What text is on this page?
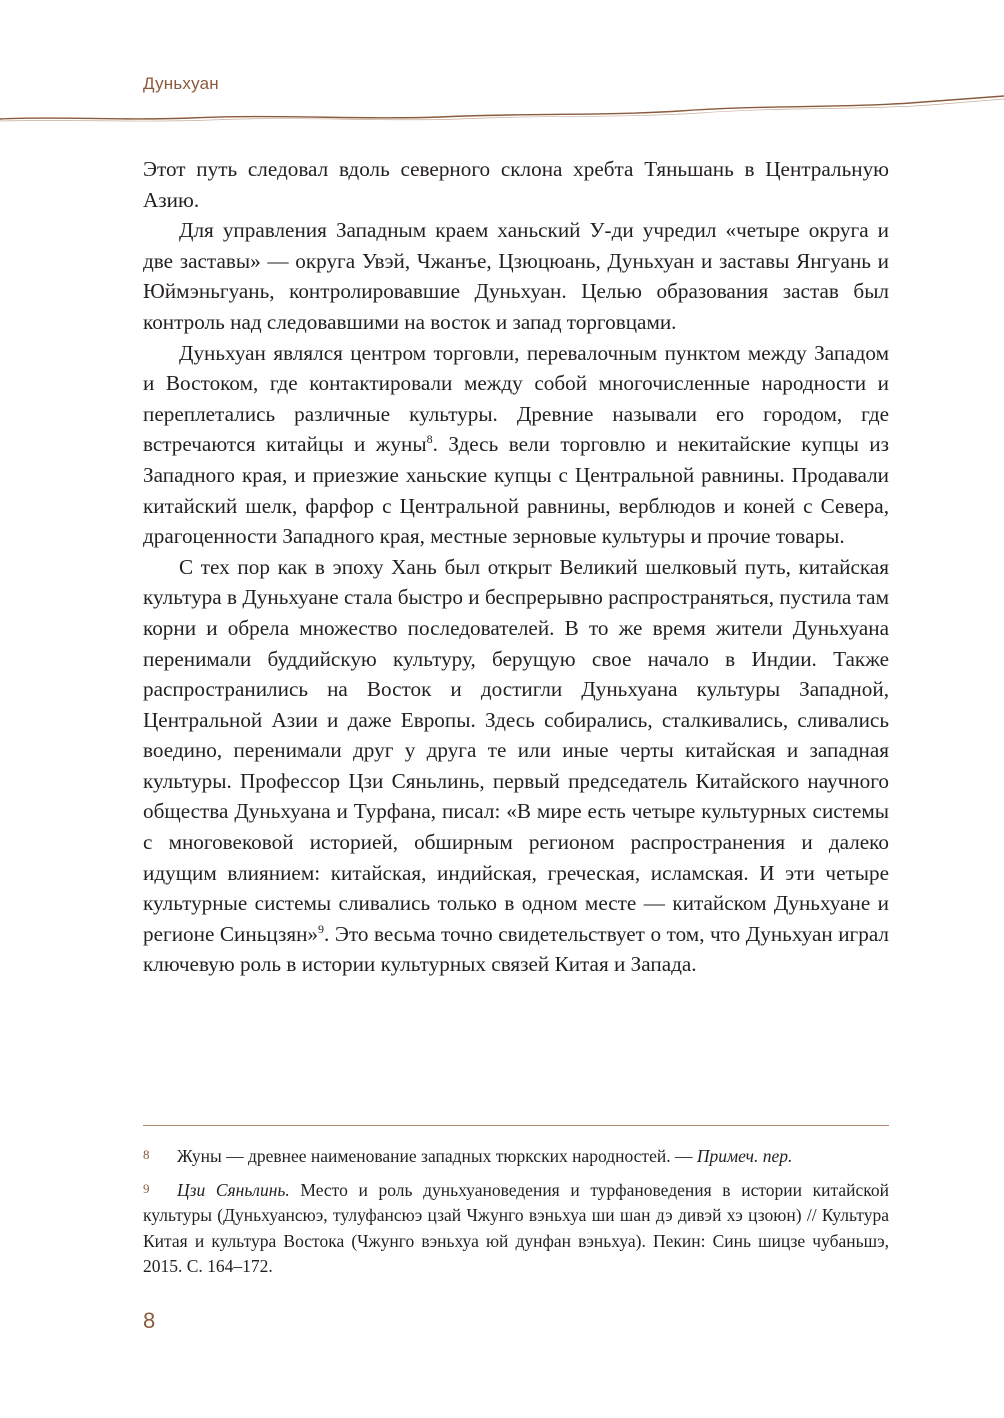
Дуньхуан

Этот путь следовал вдоль северного склона хребта Тяньшань в Центральную Азию.

Для управления Западным краем ханьский У-ди учредил «четыре округа и две заставы» — округа Увэй, Чжанъе, Цзюцюань, Дуньхуан и заставы Янгуань и Юймэньгуань, контролировавшие Дуньхуан. Целью образования застав был контроль над следовавшими на восток и запад торговцами.

Дуньхуан являлся центром торговли, перевалочным пунктом между Западом и Востоком, где контактировали между собой многочисленные народности и переплетались различные культуры. Древние называли его городом, где встречаются китайцы и жуны$^8$. Здесь вели торговлю и некитайские купцы из Западного края, и приезжие ханьские купцы с Центральной равнины. Продавали китайский шелк, фарфор с Центральной равнины, верблюдов и коней с Севера, драгоценности Западного края, местные зерновые культуры и прочие товары.

С тех пор как в эпоху Хань был открыт Великий шелковый путь, китайская культура в Дуньхуане стала быстро и беспрерывно распространяться, пустила там корни и обрела множество последователей. В то же время жители Дуньхуана перенимали буддийскую культуру, берущую свое начало в Индии. Также распространились на Восток и достигли Дуньхуана культуры Западной, Центральной Азии и даже Европы. Здесь собирались, сталкивались, сливались воедино, перенимали друг у друга те или иные черты китайская и западная культуры. Профессор Цзи Сяньлинь, первый председатель Китайского научного общества Дуньхуана и Турфана, писал: «В мире есть четыре культурных системы с многовековой историей, обширным регионом распространения и далеко идущим влиянием: китайская, индийская, греческая, исламская. И эти четыре культурные системы сливались только в одном месте — китайском Дуньхуане и регионе Синьцзян»$^9$. Это весьма точно свидетельствует о том, что Дуньхуан играл ключевую роль в истории культурных связей Китая и Запада.

8 Жуны — древнее наименование западных тюркских народностей. — Примеч. пер.

9 Цзи Сяньлинь. Место и роль дуньхуановедения и турфановедения в истории китайской культуры (Дуньхуансюэ, тулуфансюэ цзай Чжунго вэньхуа ши шан дэ дивэй хэ цзоюн) // Культура Китая и культура Востока (Чжунго вэньхуа юй дунфан вэньхуа). Пекин: Синь шицзе чубаньшэ, 2015. С. 164–172.

8
